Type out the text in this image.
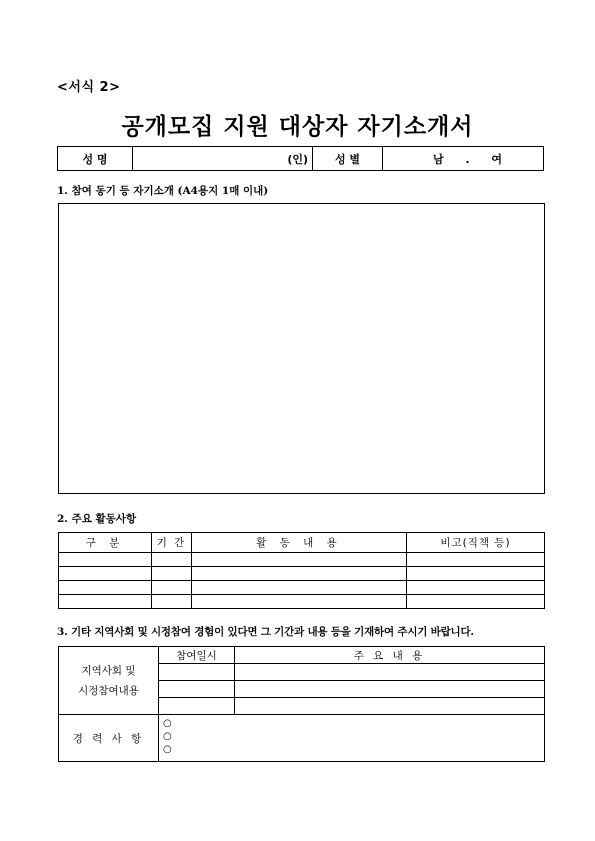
<서식 2>
공개모집 지원 대상자 자기소개서
성 명	(인)	성 별	남 . 여
1. 참여 동기 등 자기소개 (A4용지 1매 이내)
2. 주요 활동사항
구 분	기 간	활 동 내 용	비고(직책 등)

3. 기타 지역사회 및 시정참여 경험이 있다면 그 기간과 내용 등을 기재하여 주시기 바랍니다.
지역사회 및
시정참여내용	참여일시	주 요 내 용

경 력 사 항	○
○
○	
